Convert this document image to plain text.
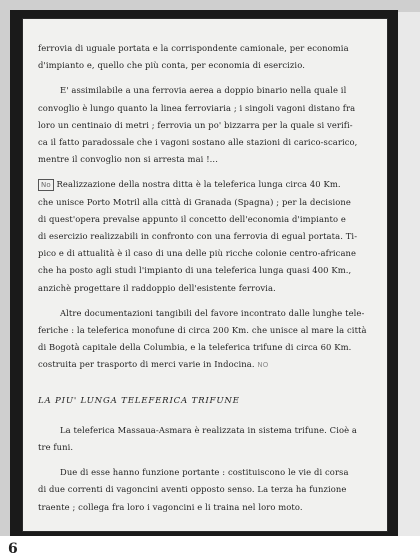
6

ferrovia di uguale portata e la corrispondente camionale, per economia
d'impianto e, quello che più conta, per economia di esercizio.

E' assimilabile a una ferrovia aerea a doppio binario nella quale il
convoglio è lungo quanto la linea ferroviaria ; i singoli vagoni distano fra
loro un centinaio di metri ; ferrovia un po' bizzarra per la quale si verifi-
ca il fatto paradossale che i vagoni sostano alle stazioni di carico-scarico,
mentre il convoglio non si arresta mai !...

No Realizzazione della nostra ditta è la teleferica lunga circa 40 Km.
che unisce Porto Motril alla città di Granada (Spagna) ; per la decisione
di quest'opera prevalse appunto il concetto dell'economia d'impianto e
di esercizio realizzabili in confronto con una ferrovia di egual portata. Ti-
pico e di attualità è il caso di una delle più ricche colonie centro-africane
che ha posto agli studi l'impianto di una teleferica lunga quasi 400 Km.,
anzichè progettare il raddoppio dell'esistente ferrovia.

Altre documentazioni tangibili del favore incontrato dalle lunghe tele-
feriche : la teleferica monofune di circa 200 Km. che unisce al mare la città
di Bogotà capitale della Columbia, e la teleferica trifune di circa 60 Km.
costruita per trasporto di merci varie in Indocina. NO

LA PIU' LUNGA TELEFERICA TRIFUNE

La teleferica Massaua-Asmara è realizzata in sistema trifune. Cioè a
tre funi.

Due di esse hanno funzione portante : costituiscono le vie di corsa
di due correnti di vagoncini aventi opposto senso. La terza ha funzione
traente ; collega fra loro i vagoncini e li traina nel loro moto.
